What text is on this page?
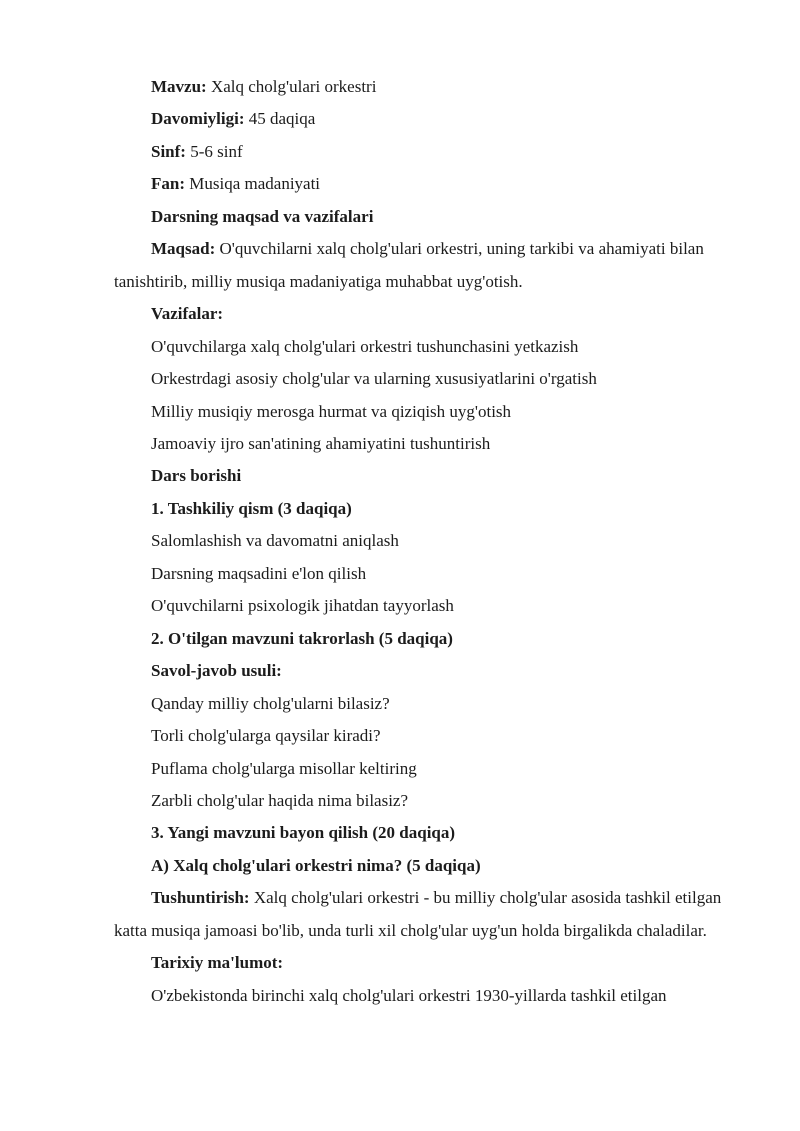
Mavzu: Xalq cholg'ulari orkestri

Davomiyligi: 45 daqiqa

Sinf: 5-6 sinf

Fan: Musiqa madaniyati

Darsning maqsad va vazifalari

Maqsad: O'quvchilarni xalq cholg'ulari orkestri, uning tarkibi va ahamiyati bilan tanishtirib, milliy musiqa madaniyatiga muhabbat uyg'otish.

Vazifalar:

O'quvchilarga xalq cholg'ulari orkestri tushunchasini yetkazish

Orkestrdagi asosiy cholg'ular va ularning xususiyatlarini o'rgatish

Milliy musiqiy merosga hurmat va qiziqish uyg'otish

Jamoaviy ijro san'atining ahamiyatini tushuntirish

Dars borishi

1. Tashkiliy qism (3 daqiqa)

Salomlashish va davomatni aniqlash

Darsning maqsadini e'lon qilish

O'quvchilarni psixologik jihatdan tayyorlash

2. O'tilgan mavzuni takrorlash (5 daqiqa)

Savol-javob usuli:

Qanday milliy cholg'ularni bilasiz?

Torli cholg'ularga qaysilar kiradi?

Puflama cholg'ularga misollar keltiring

Zarbli cholg'ular haqida nima bilasiz?

3. Yangi mavzuni bayon qilish (20 daqiqa)

A) Xalq cholg'ulari orkestri nima? (5 daqiqa)

Tushuntirish: Xalq cholg'ulari orkestri - bu milliy cholg'ular asosida tashkil etilgan katta musiqa jamoasi bo'lib, unda turli xil cholg'ular uyg'un holda birgalikda chaladilar.

Tarixiy ma'lumot:

O'zbekistonda birinchi xalq cholg'ulari orkestri 1930-yillarda tashkil etilgan
